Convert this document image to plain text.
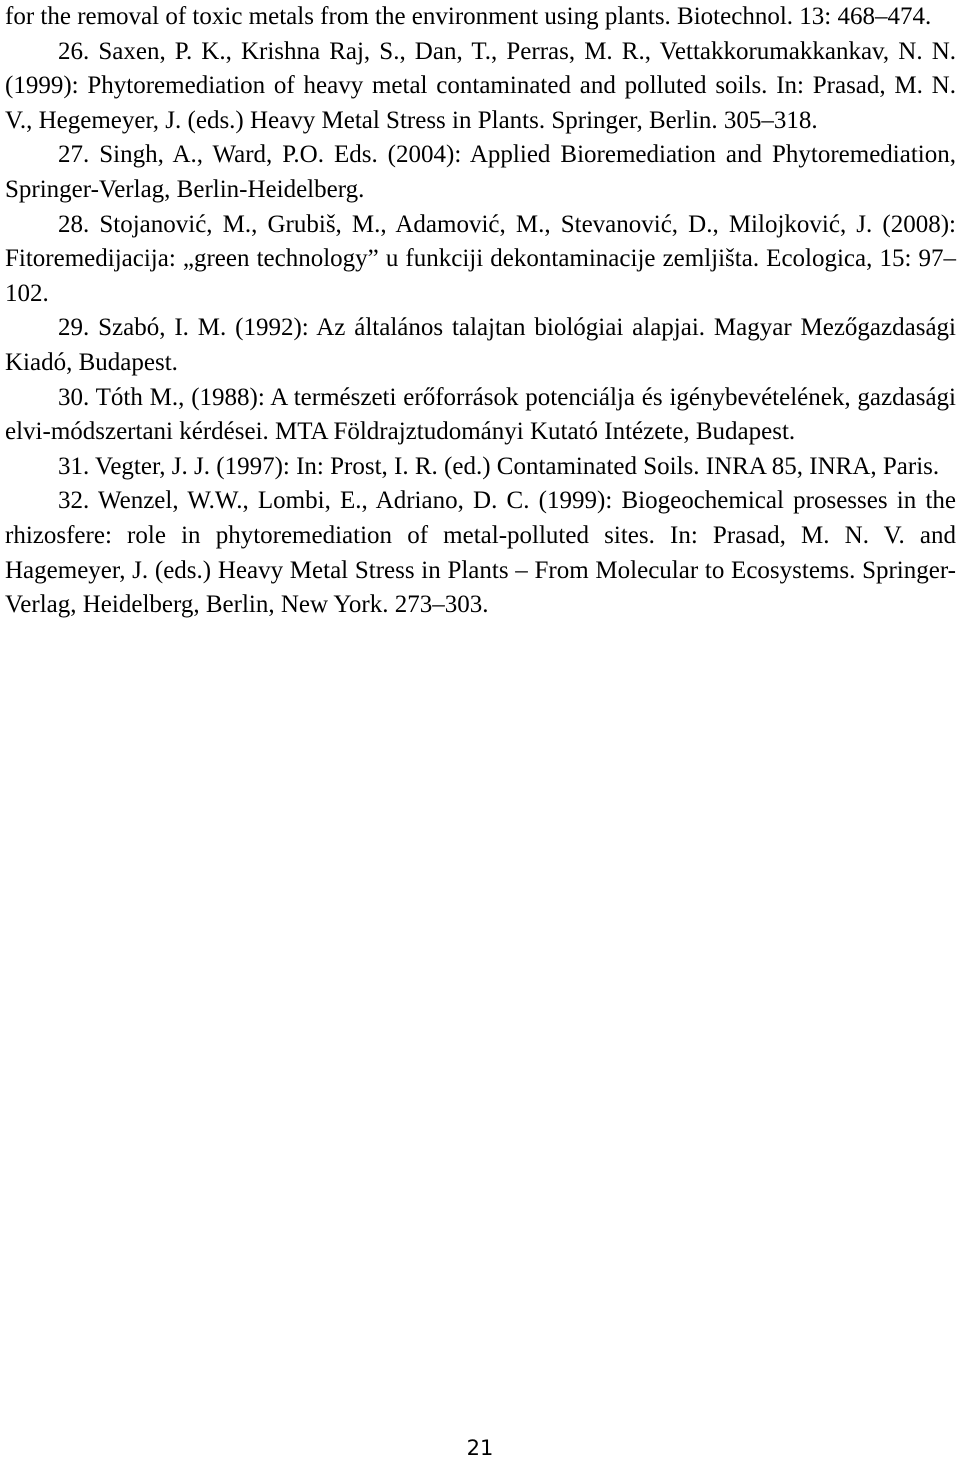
for the removal of toxic metals from the environment using plants. Biotechnol. 13: 468–474.

26. Saxen, P. K., Krishna Raj, S., Dan, T., Perras, M. R., Vettakkorumakkankav, N. N. (1999): Phytoremediation of heavy metal contaminated and polluted soils. In: Prasad, M. N. V., Hegemeyer, J. (eds.) Heavy Metal Stress in Plants. Springer, Berlin. 305–318.

27. Singh, A., Ward, P.O. Eds. (2004): Applied Bioremediation and Phytoremediation, Springer-Verlag, Berlin-Heidelberg.

28. Stojanović, M., Grubiš, M., Adamović, M., Stevanović, D., Milojković, J. (2008): Fitoremedijacija: „green technology” u funkciji dekontaminacije zemljišta. Ecologica, 15: 97–102.

29. Szabó, I. M. (1992): Az általános talajtan biológiai alapjai. Magyar Mezőgazdasági Kiadó, Budapest.

30. Tóth M., (1988): A természeti erőforrások potenciálja és igénybevételének, gazdasági elvi-módszertani kérdései. MTA Földrajztudományi Kutató Intézete, Budapest.

31. Vegter, J. J. (1997): In: Prost, I. R. (ed.) Contaminated Soils. INRA 85, INRA, Paris.

32. Wenzel, W.W., Lombi, E., Adriano, D. C. (1999): Biogeochemical prosesses in the rhizosfere: role in phytoremediation of metal-polluted sites. In: Prasad, M. N. V. and Hagemeyer, J. (eds.) Heavy Metal Stress in Plants – From Molecular to Ecosystems. Springer-Verlag, Heidelberg, Berlin, New York. 273–303.

21
